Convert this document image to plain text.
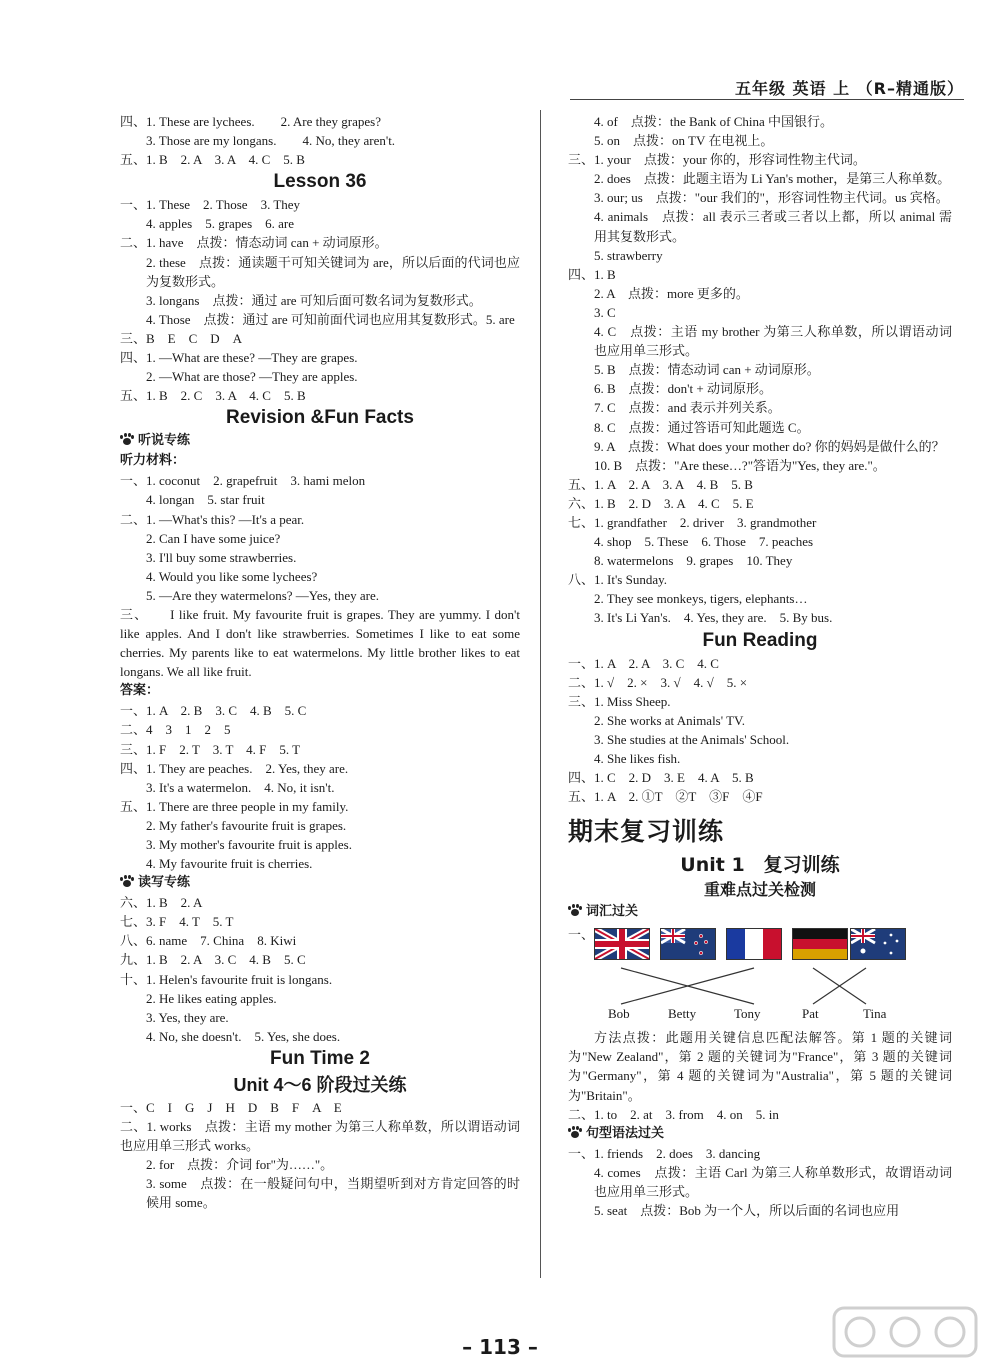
五年级 英语 上 （R–精通版）

四、1. These are lychees.　　2. Are they grapes?

3. Those are my longans.　　4. No, they aren't.

五、1. B　2. A　3. A　4. C　5. B

Lesson 36

一、1. These　2. Those　3. They

4. apples　5. grapes　6. are

二、1. have　点拨：情态动词 can + 动词原形。

2. these　点拨：通读题干可知关键词为 are，所以后面的代词也应为复数形式。

3. longans　点拨：通过 are 可知后面可数名词为复数形式。

4. Those　点拨：通过 are 可知前面代词也应用其复数形式。5. are

三、B　E　C　D　A

四、1. —What are these? —They are grapes.

2. —What are those? —They are apples.

五、1. B　2. C　3. A　4. C　5. B

Revision &Fun Facts

听说专练

听力材料：

一、1. coconut　2. grapefruit　3. hami melon

4. longan　5. star fruit

二、1. —What's this? —It's a pear.

2. Can I have some juice?

3. I'll buy some strawberries.

4. Would you like some lychees?

5. —Are they watermelons? —Yes, they are.

三、　　 I like fruit. My favourite fruit is grapes. They are yummy. I don't like apples. And I don't like strawberries. Sometimes I like to eat some cherries. My parents like to eat watermelons. My little brother likes to eat longans. We all like fruit.

答案：

一、1. A　2. B　3. C　4. B　5. C

二、4　3　1　2　5

三、1. F　2. T　3. T　4. F　5. T

四、1. They are peaches.　2. Yes, they are.

3. It's a watermelon.　4. No, it isn't.

五、1. There are three people in my family.

2. My father's favourite fruit is grapes.

3. My mother's favourite fruit is apples.

4. My favourite fruit is cherries.

读写专练

六、1. B　2. A

七、3. F　4. T　5. T

八、6. name　7. China　8. Kiwi

九、1. B　2. A　3. C　4. B　5. C

十、1. Helen's favourite fruit is longans.

2. He likes eating apples.

3. Yes, they are.

4. No, she doesn't.　5. Yes, she does.

Fun Time 2

Unit 4～6 阶段过关练

一、C　I　G　J　H　D　B　F　A　E

二、1. works　点拨：主语 my mother 为第三人称单数，所以谓语动词也应用单三形式 works。

2. for　点拨：介词 for"为……"。

3. some　点拨：在一般疑问句中，当期望听到对方肯定回答的时候用 some。

4. of　点拨：the Bank of China 中国银行。

5. on　点拨：on TV 在电视上。

三、1. your　点拨：your 你的，形容词性物主代词。

2. does　点拨：此题主语为 Li Yan's mother，是第三人称单数。

3. our; us　点拨："our 我们的"，形容词性物主代词。us 宾格。

4. animals　点拨：all 表示三者或三者以上都，所以 animal 需用其复数形式。

5. strawberry

四、1. B

2. A　点拨：more 更多的。

3. C

4. C　点拨：主语 my brother 为第三人称单数，所以谓语动词也应用单三形式。

5. B　点拨：情态动词 can + 动词原形。

6. B　点拨：don't + 动词原形。

7. C　点拨：and 表示并列关系。

8. C　点拨：通过答语可知此题选 C。

9. A　点拨：What does your mother do? 你的妈妈是做什么的？

10. B　点拨："Are these…?"答语为"Yes, they are."。

五、1. A　2. A　3. A　4. B　5. B

六、1. B　2. D　3. A　4. C　5. E

七、1. grandfather　2. driver　3. grandmother

4. shop　5. These　6. Those　7. peaches

8. watermelons　9. grapes　10. They

八、1. It's Sunday.

2. They see monkeys, tigers, elephants…

3. It's Li Yan's.　4. Yes, they are.　5. By bus.

Fun Reading

一、1. A　2. A　3. C　4. C

二、1. √　2. ×　3. √　4. √　5. ×

三、1. Miss Sheep.

2. She works at Animals' TV.

3. She studies at the Animals' School.

4. She likes fish.

四、1. C　2. D　3. E　4. A　5. B

五、1. A　2. ①T　②T　③F　④F

期末复习训练
Unit 1　复习训练
重难点过关检测
词汇过关
一、
Bob	Betty	Tony	Pat	Tina

方法点拨：此题用关键信息匹配法解答。第 1 题的关键词为"New Zealand"，第 2 题的关键词为"France"，第 3 题的关键词为"Germany"，第 4 题的关键词为"Australia"，第 5 题的关键词为"Britain"。

二、1. to　2. at　3. from　4. on　5. in

句型语法过关

一、1. friends　2. does　3. dancing

4. comes　点拨：主语 Carl 为第三人称单数形式，故谓语动词也应用单三形式。

5. seat　点拨：Bob 为一个人，所以后面的名词也应用

– 113 –
